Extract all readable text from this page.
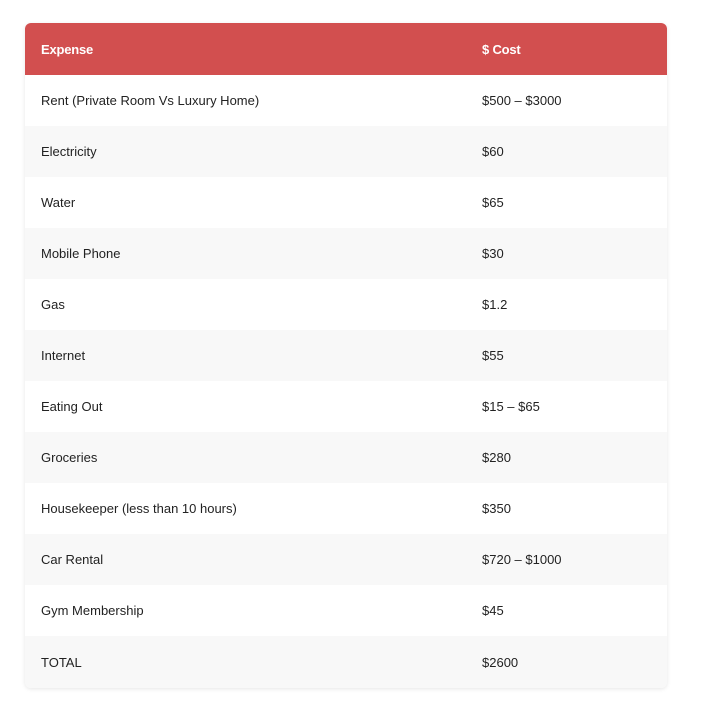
Expense	$ Cost
Rent (Private Room Vs Luxury Home)	$500 – $3000
Electricity	$60
Water	$65
Mobile Phone	$30
Gas	$1.2
Internet	$55
Eating Out	$15 – $65
Groceries	$280
Housekeeper (less than 10 hours)	$350
Car Rental	$720 – $1000
Gym Membership	$45
TOTAL	$2600
